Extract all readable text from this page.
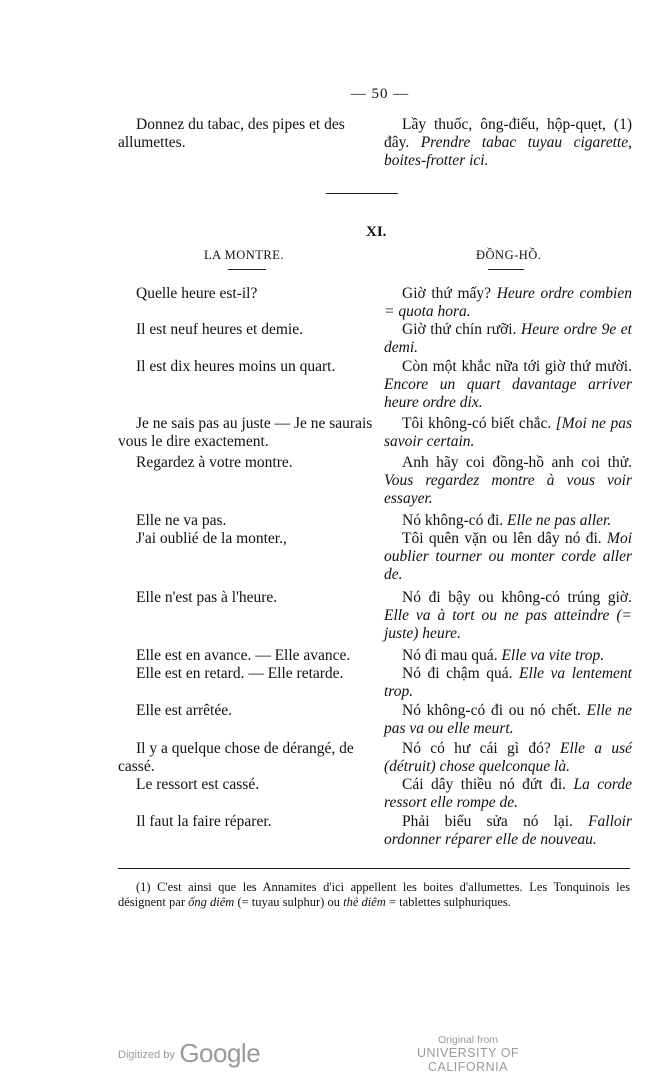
— 50 —
Donnez du tabac, des pipes et des allumettes.
Lầy thuốc, ông-điếu, hộp-quẹt, (1) đây. Prendre tabac tuyau cigarette, boites-frotter ici.
XI.
LA MONTRE.	ĐỒNG-HỒ.
Quelle heure est-il?
Il est neuf heures et demie.
Il est dix heures moins un quart.
Je ne sais pas au juste — Je ne saurais vous le dire exactement.
Regardez à votre montre.
Elle ne va pas.
J'ai oublié de la monter.,
Elle n'est pas à l'heure.
Elle est en avance. — Elle avance.
Elle est en retard. — Elle retarde.
Elle est arrêtée.
Il y a quelque chose de dérangé, de cassé.
Le ressort est cassé.
Il faut la faire réparer.
Giờ thứ mấy? Heure ordre combien = quota hora.
Giờ thứ chín rưỡi. Heure ordre 9e et demi.
Còn một khắc nữa tới giờ thứ mười. Encore un quart davantage arriver heure ordre dix.
Tôi không-có biết chắc. [Moi ne pas savoir certain.
Anh hãy coi đồng-hồ anh coi thử. Vous regardez montre à vous voir essayer.
Nó không-có đi. Elle ne pas aller.
Tôi quên vặn ou lên dây nó đi. Moi oublier tourner ou monter corde aller de.
Nó đi bậy ou không-có trúng giờ. Elle va à tort ou ne pas atteindre (= juste) heure.
Nó đi mau quá. Elle va vite trop.
Nó đi chậm quá. Elle va lentement trop.
Nó không-có đi ou nó chết. Elle ne pas va ou elle meurt.
Nó có hư cái gì đó? Elle a usé (détruit) chose quelconque là.
Cái dây thiều nó đứt đi. La corde ressort elle rompe de.
Phải biểu sửa nó lại. Falloir ordonner réparer elle de nouveau.
(1) C'est ainsi que les Annamites d'ici appellent les boites d'allumettes. Les Tonquinois les désignent par ống diêm (= tuyau sulphur) ou thẻ diêm = tablettes sulphuriques.
$^{Digitized by}$ Google	Original from
UNIVERSITY OF CALIFORNIA
